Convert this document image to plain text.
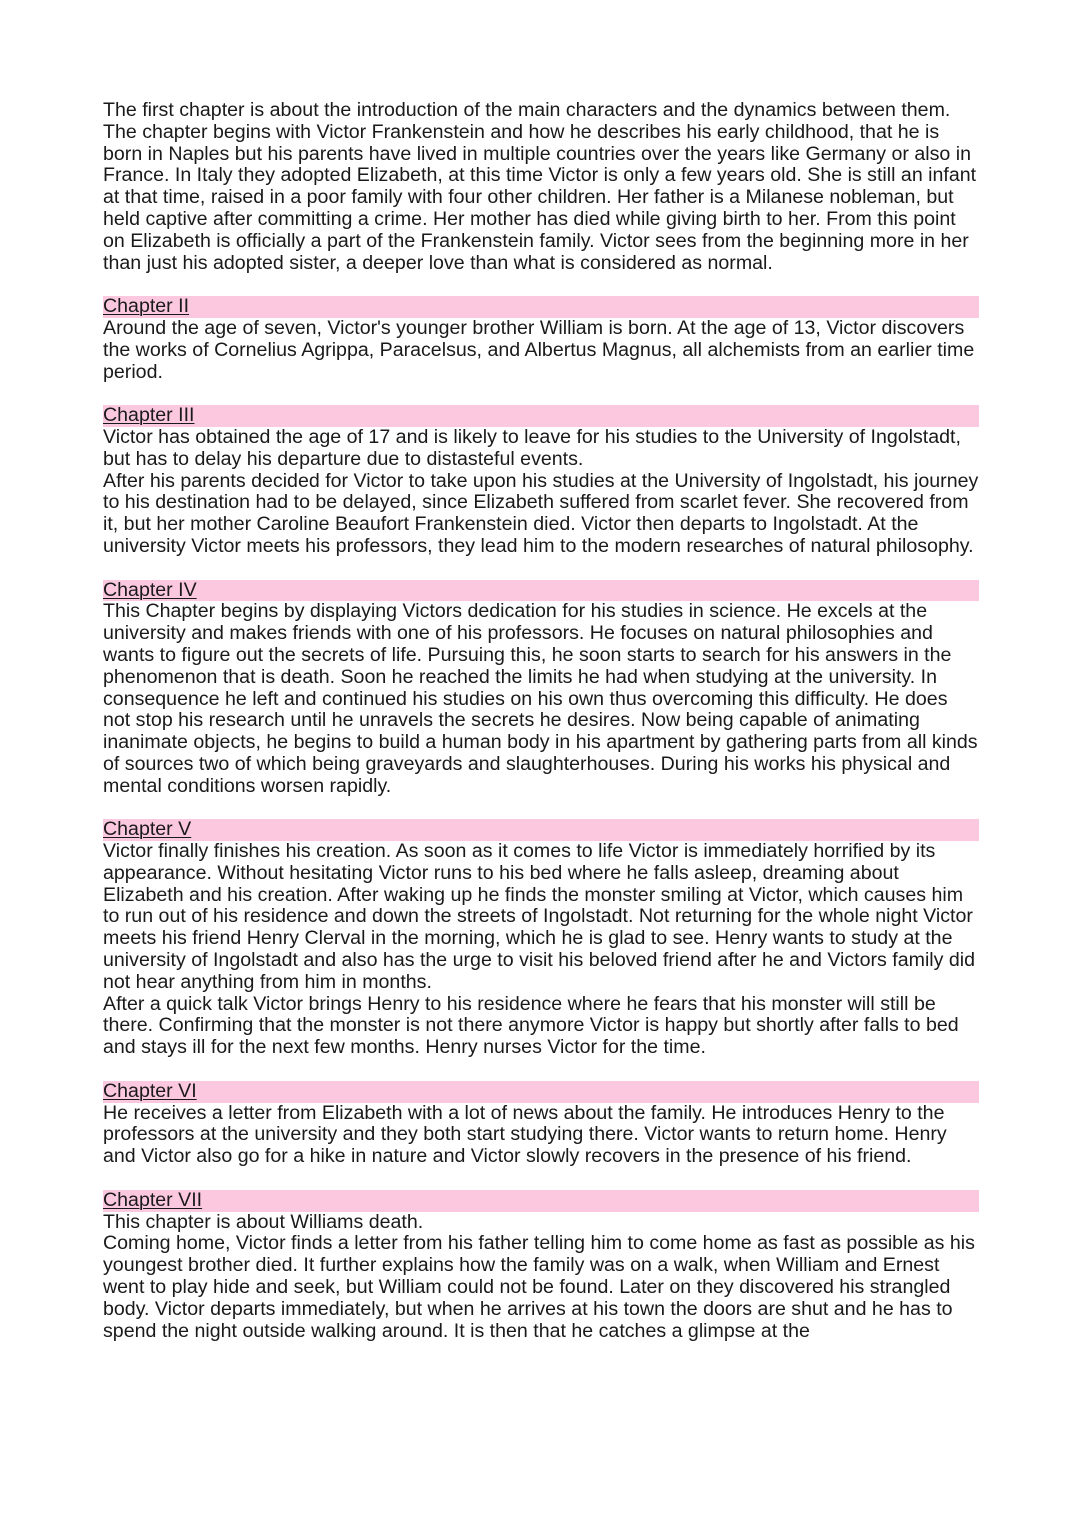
The first chapter is about the introduction of the main characters and the dynamics between them.

The chapter begins with Victor Frankenstein and how he describes his early childhood, that he is born in Naples but his parents have lived in multiple countries over the years like Germany or also in France. In Italy they adopted Elizabeth, at this time Victor is only a few years old. She is still an infant at that time, raised in a poor family with four other children. Her father is a Milanese nobleman, but held captive after committing a crime. Her mother has died while giving birth to her. From this point on Elizabeth is officially a part of the Frankenstein family. Victor sees from the beginning more in her than just his adopted sister, a deeper love than what is considered as normal.

Chapter II

Around the age of seven, Victor's younger brother William is born. At the age of 13, Victor discovers the works of Cornelius Agrippa, Paracelsus, and Albertus Magnus, all alchemists from an earlier time period.

Chapter III

Victor has obtained the age of 17 and is likely to leave for his studies to the University of Ingolstadt, but has to delay his departure due to distasteful events.

After his parents decided for Victor to take upon his studies at the University of Ingolstadt, his journey to his destination had to be delayed, since Elizabeth suffered from scarlet fever. She recovered from it, but her mother Caroline Beaufort Frankenstein died. Victor then departs to Ingolstadt. At the university Victor meets his professors, they lead him to the modern researches of natural philosophy.

Chapter IV

This Chapter begins by displaying Victors dedication for his studies in science. He excels at the university and makes friends with one of his professors. He focuses on natural philosophies and wants to figure out the secrets of life. Pursuing this, he soon starts to search for his answers in the phenomenon that is death. Soon he reached the limits he had when studying at the university. In consequence he left and continued his studies on his own thus overcoming this difficulty. He does not stop his research until he unravels the secrets he desires. Now being capable of animating inanimate objects, he begins to build a human body in his apartment by gathering parts from all kinds of sources two of which being graveyards and slaughterhouses. During his works his physical and mental conditions worsen rapidly.

Chapter V

Victor finally finishes his creation. As soon as it comes to life Victor is immediately horrified by its appearance. Without hesitating Victor runs to his bed where he falls asleep, dreaming about Elizabeth and his creation. After waking up he finds the monster smiling at Victor, which causes him to run out of his residence and down the streets of Ingolstadt. Not returning for the whole night Victor meets his friend Henry Clerval in the morning, which he is glad to see. Henry wants to study at the university of Ingolstadt and also has the urge to visit his beloved friend after he and Victors family did not hear anything from him in months.

After a quick talk Victor brings Henry to his residence where he fears that his monster will still be there. Confirming that the monster is not there anymore Victor is happy but shortly after falls to bed and stays ill for the next few months. Henry nurses Victor for the time.

Chapter VI

He receives a letter from Elizabeth with a lot of news about the family. He introduces Henry to the professors at the university and they both start studying there. Victor wants to return home. Henry and Victor also go for a hike in nature and Victor slowly recovers in the presence of his friend.

Chapter VII

This chapter is about Williams death.

Coming home, Victor finds a letter from his father telling him to come home as fast as possible as his youngest brother died. It further explains how the family was on a walk, when William and Ernest went to play hide and seek, but William could not be found. Later on they discovered his strangled body. Victor departs immediately, but when he arrives at his town the doors are shut and he has to spend the night outside walking around. It is then that he catches a glimpse at the
